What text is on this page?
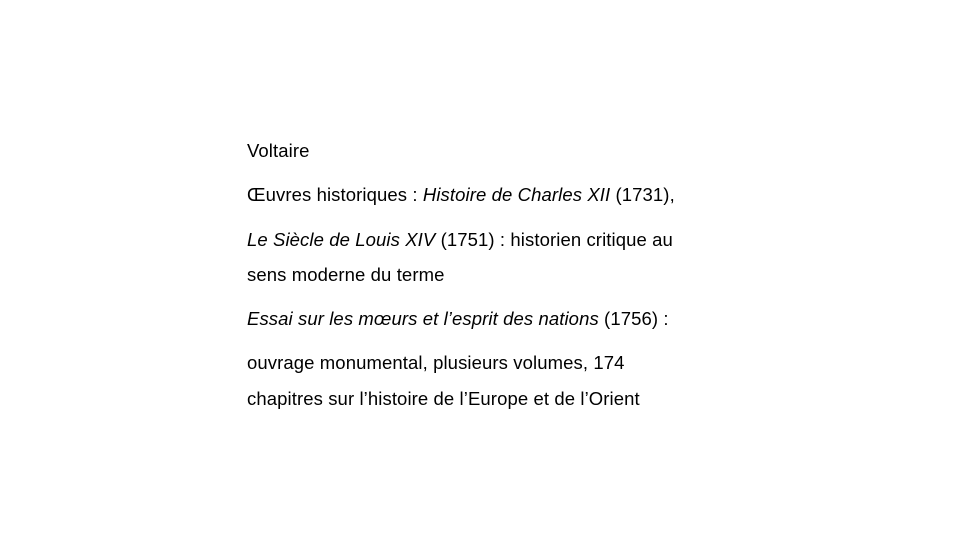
Voltaire
Œuvres historiques : Histoire de Charles XII (1731),
Le Siècle de Louis XIV (1751) : historien critique au
sens moderne du terme
Essai sur les mœurs et l’esprit des nations (1756) :
ouvrage monumental, plusieurs volumes, 174
chapitres sur l’histoire de l’Europe et de l’Orient
